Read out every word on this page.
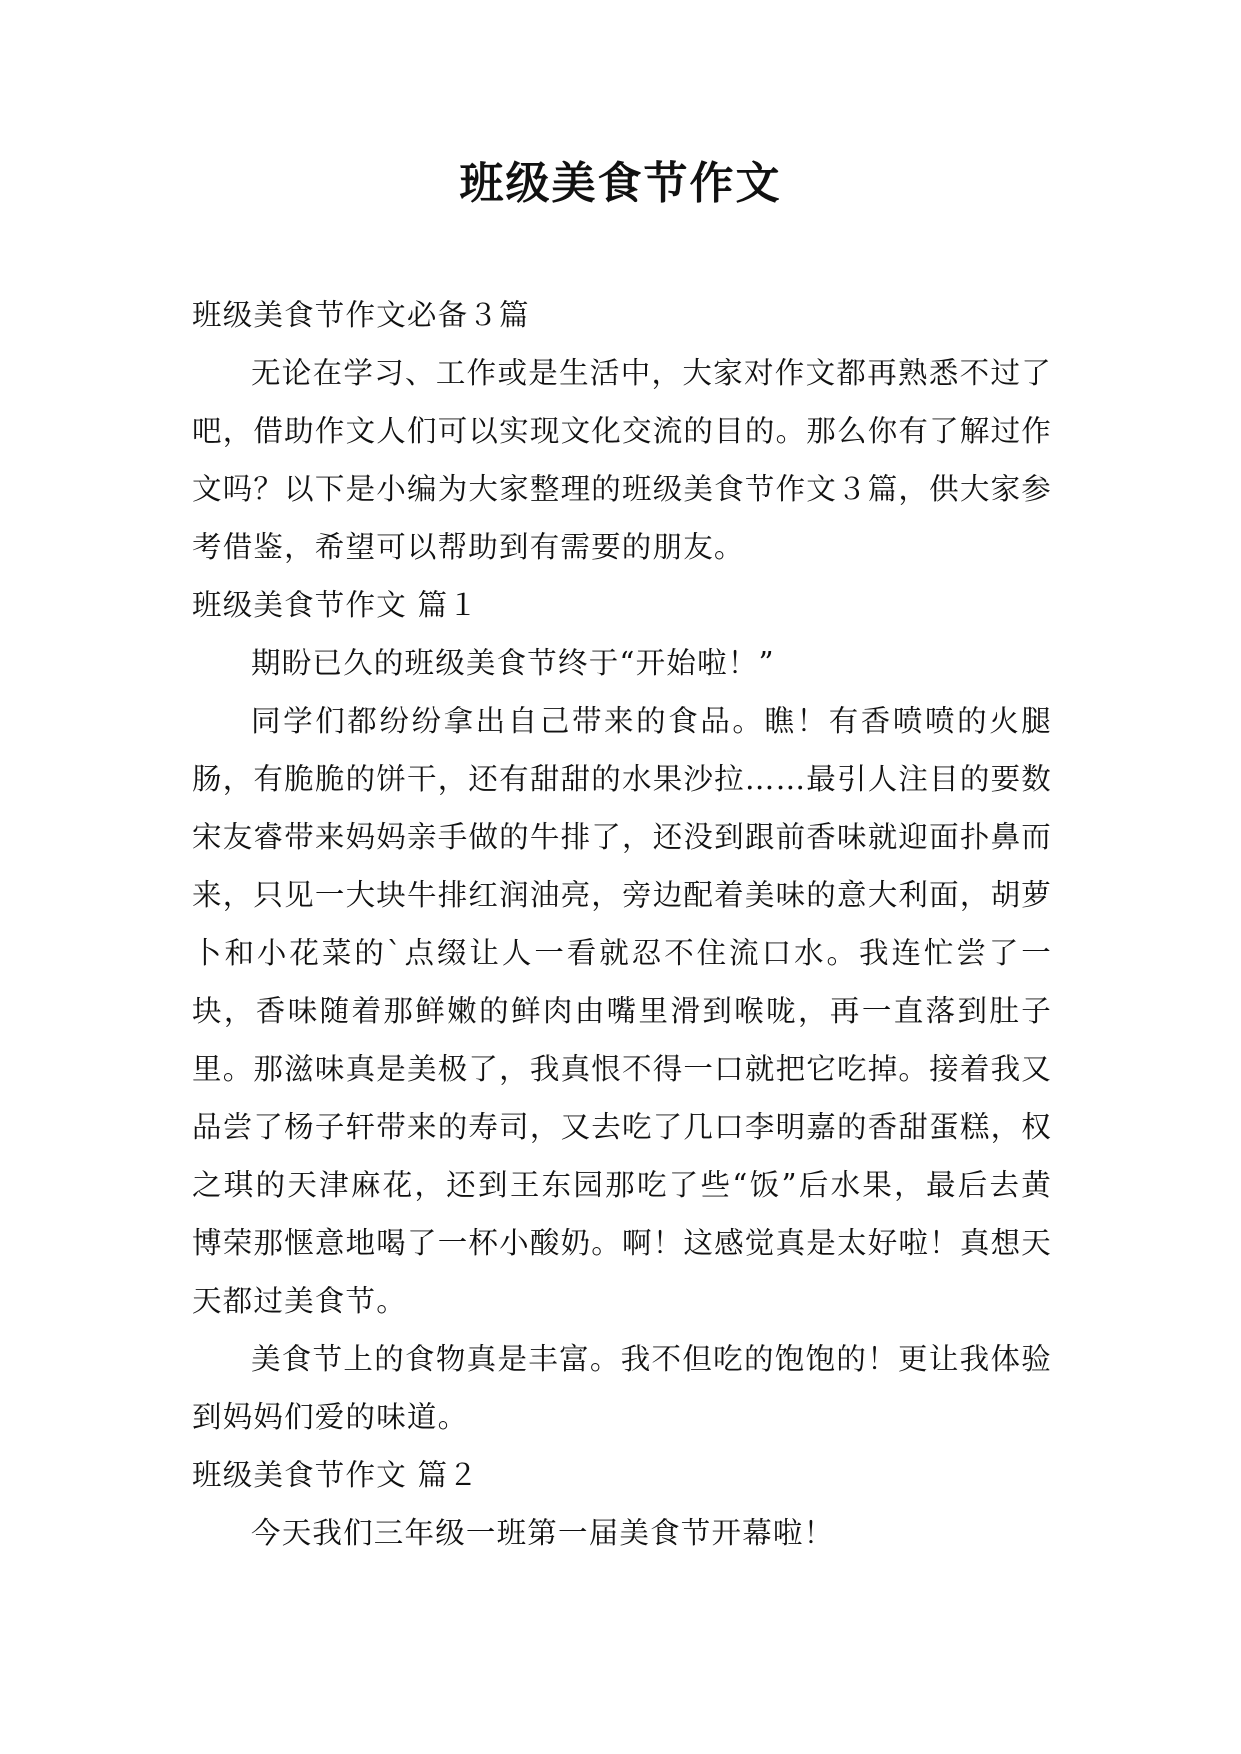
班级美食节作文

班级美食节作文必备３篇

无论在学习、工作或是生活中，大家对作文都再熟悉不过了吧，借助作文人们可以实现文化交流的目的。那么你有了解过作文吗？以下是小编为大家整理的班级美食节作文３篇，供大家参考借鉴，希望可以帮助到有需要的朋友。

班级美食节作文 篇１

期盼已久的班级美食节终于“开始啦！”

同学们都纷纷拿出自己带来的食品。瞧！有香喷喷的火腿肠，有脆脆的饼干，还有甜甜的水果沙拉……最引人注目的要数宋友睿带来妈妈亲手做的牛排了，还没到跟前香味就迎面扑鼻而来，只见一大块牛排红润油亮，旁边配着美味的意大利面，胡萝卜和小花菜的`点缀让人一看就忍不住流口水。我连忙尝了一块，香味随着那鲜嫩的鲜肉由嘴里滑到喉咙，再一直落到肚子里。那滋味真是美极了，我真恨不得一口就把它吃掉。接着我又品尝了杨子轩带来的寿司，又去吃了几口李明嘉的香甜蛋糕，权之琪的天津麻花，还到王东园那吃了些“饭”后水果，最后去黄博荣那惬意地喝了一杯小酸奶。啊！这感觉真是太好啦！真想天天都过美食节。

美食节上的食物真是丰富。我不但吃的饱饱的！更让我体验到妈妈们爱的味道。

班级美食节作文 篇２

今天我们三年级一班第一届美食节开幕啦！
